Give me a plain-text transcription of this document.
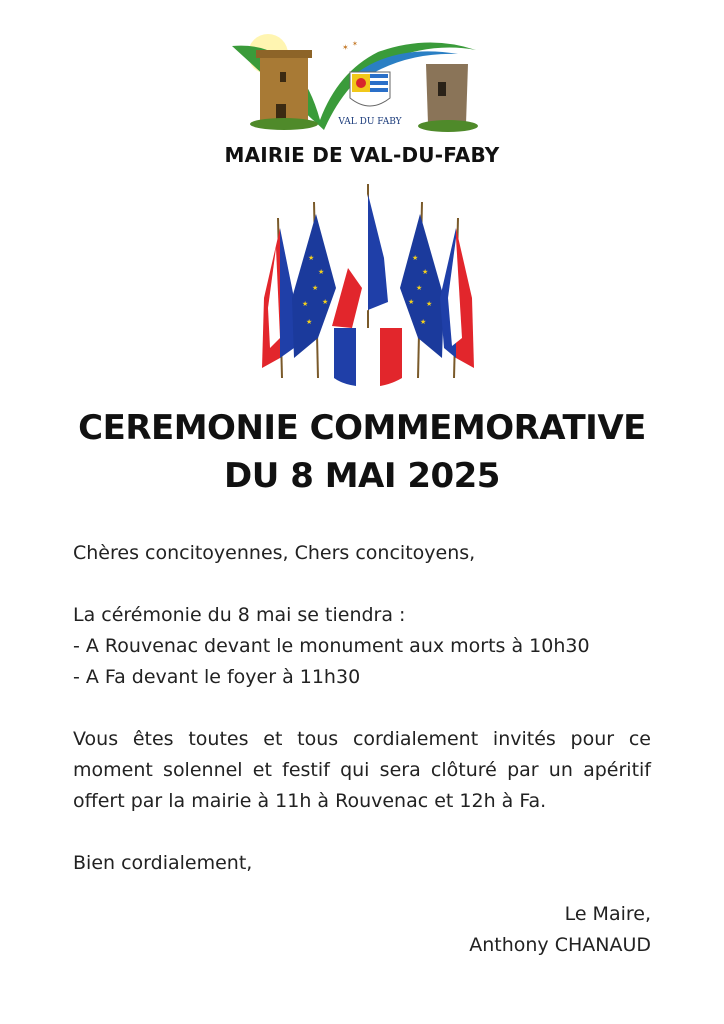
VAL DU FABY
✶ ✶
MAIRIE DE VAL-DU-FABY
★
★
★
★ ★
★
★
★
★
★
★
★
CEREMONIE COMMEMORATIVE
DU 8 MAI 2025

Chères concitoyennes, Chers concitoyens,

La cérémonie du 8 mai se tiendra :

- A Rouvenac devant le monument aux morts à 10h30

- A Fa devant le foyer à 11h30

Vous êtes toutes et tous cordialement invités pour ce moment solennel et festif qui sera clôturé par un apéritif offert par la mairie à 11h à Rouvenac et 12h à Fa.

Bien cordialement,

Le Maire,
Anthony CHANAUD
